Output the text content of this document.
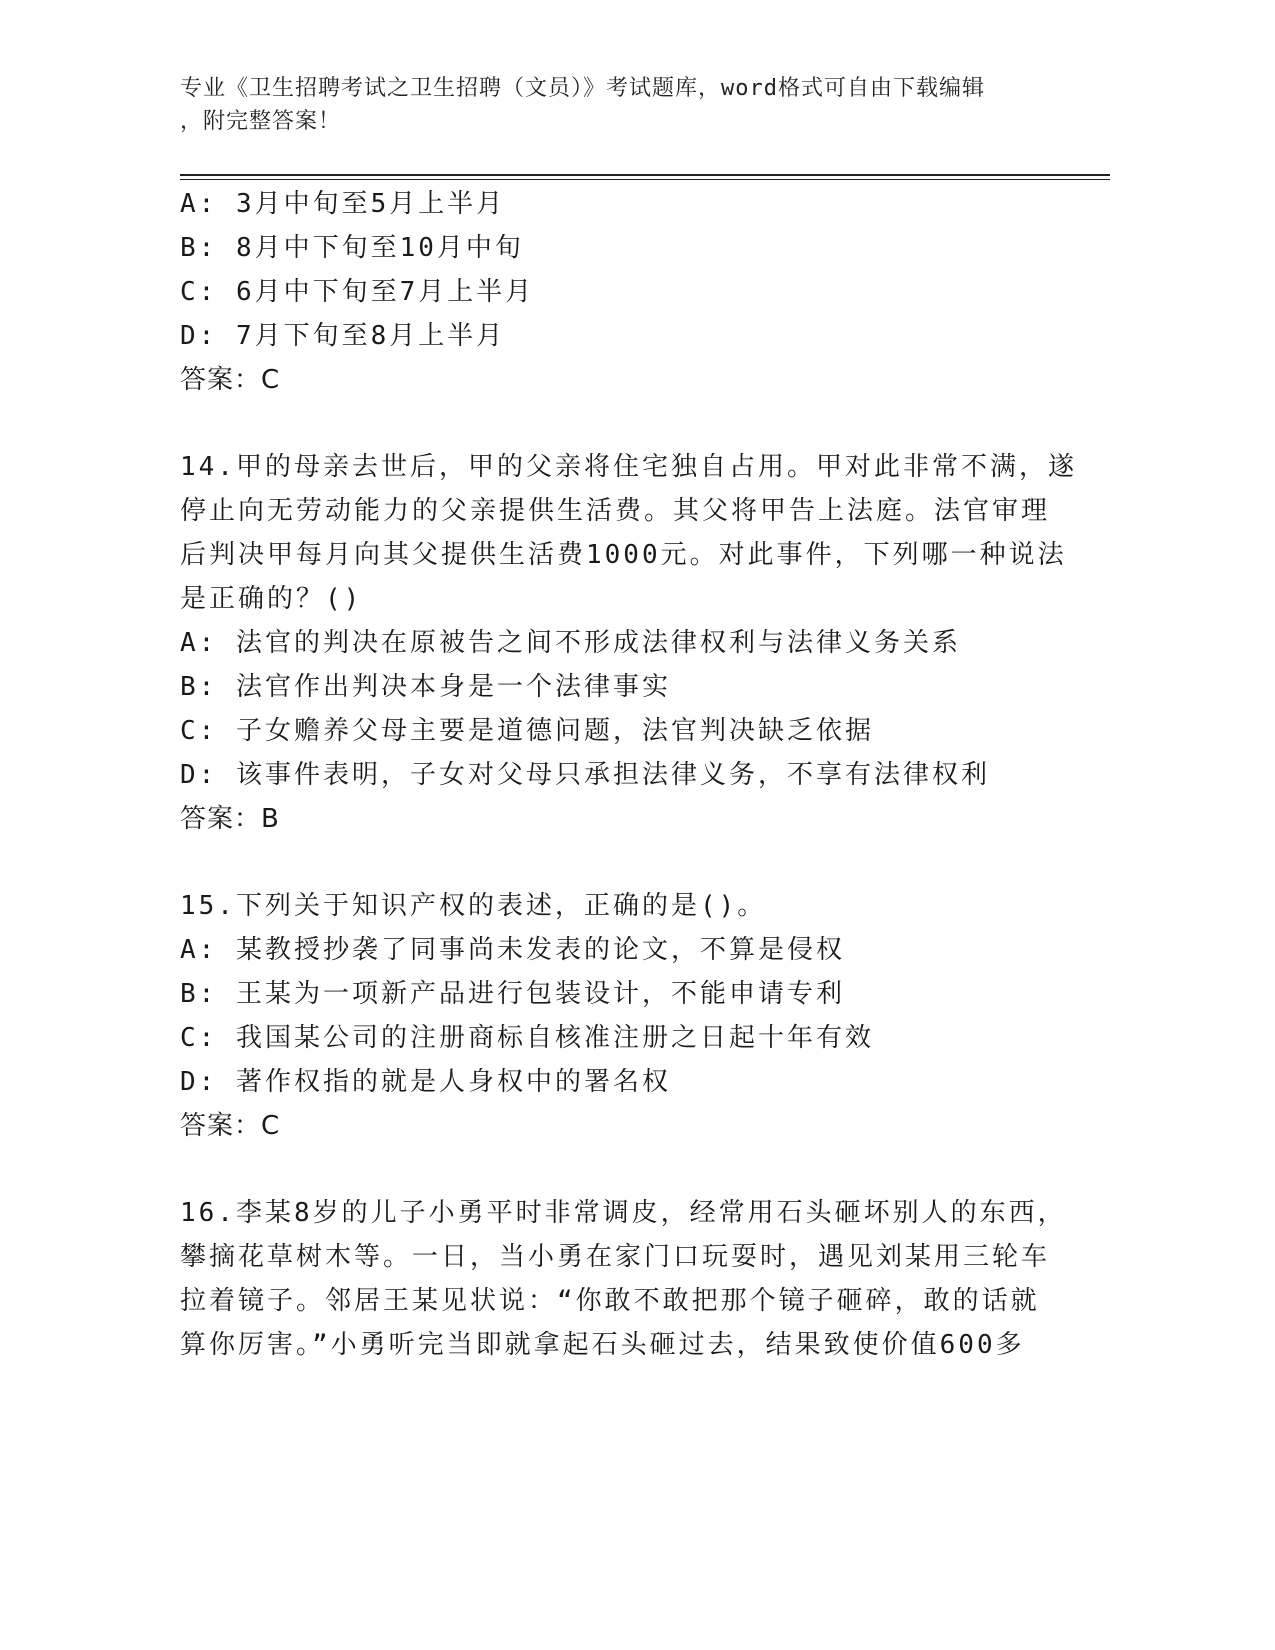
专业《卫生招聘考试之卫生招聘（文员）》考试题库，word格式可自由下载编辑
，附完整答案！
A: 3月中旬至5月上半月
B: 8月中下旬至10月中旬
C: 6月中下旬至7月上半月
D: 7月下旬至8月上半月
答案：C
14.甲的母亲去世后，甲的父亲将住宅独自占用。甲对此非常不满，遂
停止向无劳动能力的父亲提供生活费。其父将甲告上法庭。法官审理
后判决甲每月向其父提供生活费1000元。对此事件，下列哪一种说法
是正确的？()
A: 法官的判决在原被告之间不形成法律权利与法律义务关系
B: 法官作出判决本身是一个法律事实
C: 子女赡养父母主要是道德问题，法官判决缺乏依据
D: 该事件表明，子女对父母只承担法律义务，不享有法律权利
答案：B
15.下列关于知识产权的表述，正确的是()。
A: 某教授抄袭了同事尚未发表的论文，不算是侵权
B: 王某为一项新产品进行包装设计，不能申请专利
C: 我国某公司的注册商标自核准注册之日起十年有效
D: 著作权指的就是人身权中的署名权
答案：C
16.李某8岁的儿子小勇平时非常调皮，经常用石头砸坏别人的东西，
攀摘花草树木等。一日，当小勇在家门口玩耍时，遇见刘某用三轮车
拉着镜子。邻居王某见状说：“你敢不敢把那个镜子砸碎，敢的话就
算你厉害。”小勇听完当即就拿起石头砸过去，结果致使价值600多
